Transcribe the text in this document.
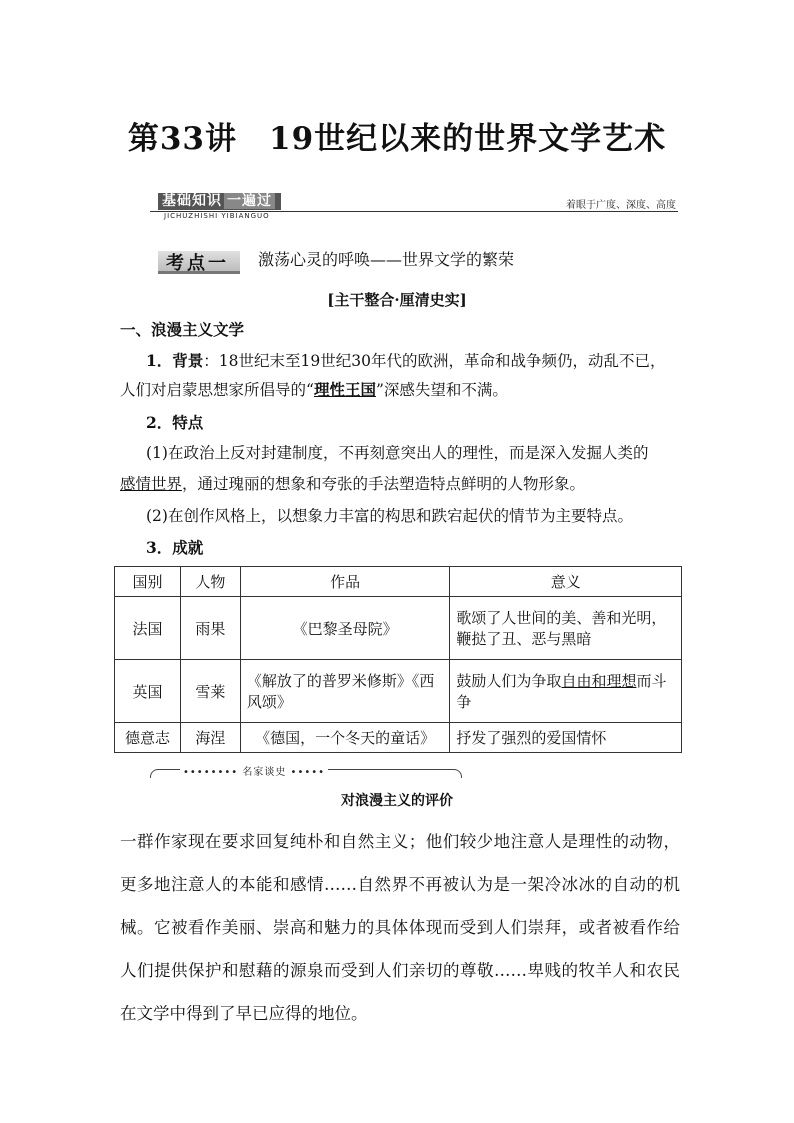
第33讲　19世纪以来的世界文学艺术
基础知识 一遍过
JICHUZHISHI YIBIANGUO
着眼于广度、深度、高度
考点一 激荡心灵的呼唤——世界文学的繁荣
[主干整合·厘清史实]
一、浪漫主义文学
1．背景：18世纪末至19世纪30年代的欧洲，革命和战争频仍，动乱不已，
人们对启蒙思想家所倡导的“理性王国”深感失望和不满。
2．特点
(1)在政治上反对封建制度，不再刻意突出人的理性，而是深入发掘人类的
感情世界，通过瑰丽的想象和夸张的手法塑造特点鲜明的人物形象。
(2)在创作风格上，以想象力丰富的构思和跌宕起伏的情节为主要特点。
3．成就
国别	人物	作品	意义
法国	雨果	《巴黎圣母院》	歌颂了人世间的美、善和光明，鞭挞了丑、恶与黑暗
英国	雪莱	《解放了的普罗米修斯》《西风颂》	鼓励人们为争取自由和理想而斗争
德意志	海涅	《德国，一个冬天的童话》	抒发了强烈的爱国情怀
•••••••• 名家谈史 •••••
对浪漫主义的评价
一群作家现在要求回复纯朴和自然主义；他们较少地注意人是理性的动物，更多地注意人的本能和感情……自然界不再被认为是一架冷冰冰的自动的机械。它被看作美丽、崇高和魅力的具体体现而受到人们崇拜，或者被看作给人们提供保护和慰藉的源泉而受到人们亲切的尊敬……卑贱的牧羊人和农民在文学中得到了早已应得的地位。
